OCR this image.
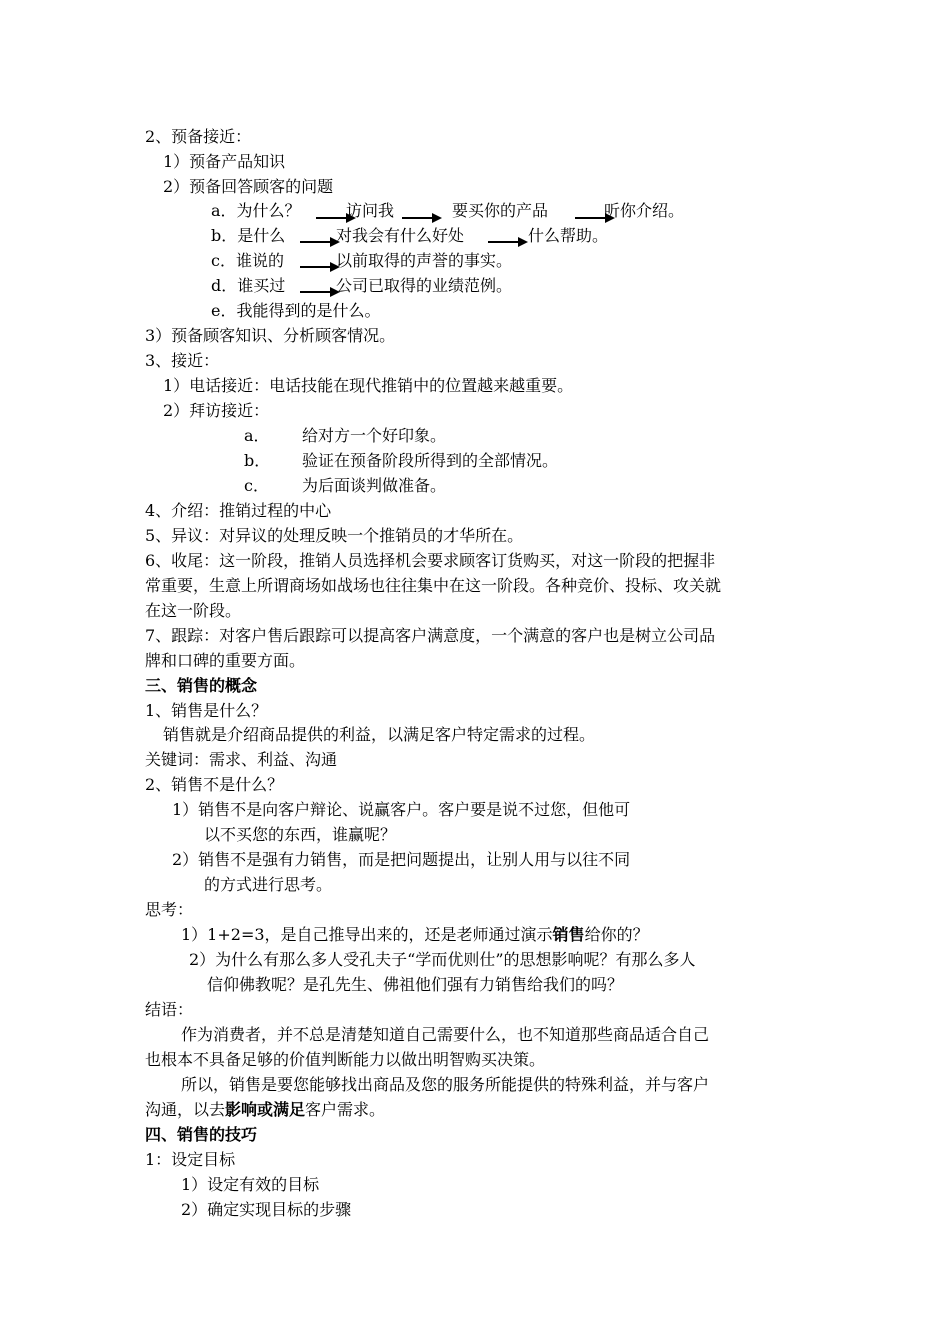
2、预备接近：
1）预备产品知识
2）预备回答顾客的问题
a．为什么？	访问我	要买你的产品	听你介绍。
b．是什么	对我会有什么好处	什么帮助。
c．谁说的	以前取得的声誉的事实。
d．谁买过	公司已取得的业绩范例。
e．我能得到的是什么。
3）预备顾客知识、分析顾客情况。
3、接近：
1）电话接近：电话技能在现代推销中的位置越来越重要。
2）拜访接近：
a． 给对方一个好印象。
b． 验证在预备阶段所得到的全部情况。
c． 为后面谈判做准备。
4、介绍：推销过程的中心
5、异议：对异议的处理反映一个推销员的才华所在。
6、收尾：这一阶段，推销人员选择机会要求顾客订货购买，对这一阶段的把握非
常重要，生意上所谓商场如战场也往往集中在这一阶段。各种竞价、投标、攻关就
在这一阶段。
7、跟踪：对客户售后跟踪可以提高客户满意度，一个满意的客户也是树立公司品
牌和口碑的重要方面。
三、销售的概念
1、销售是什么？
销售就是介绍商品提供的利益，以满足客户特定需求的过程。
关键词：需求、利益、沟通
2、销售不是什么？
1）销售不是向客户辩论、说赢客户。客户要是说不过您，但他可
以不买您的东西，谁赢呢？
2）销售不是强有力销售，而是把问题提出，让别人用与以往不同
的方式进行思考。
思考：
1）1+2=3，是自己推导出来的，还是老师通过演示销售给你的？
2）为什么有那么多人受孔夫子“学而优则仕”的思想影响呢？有那么多人
信仰佛教呢？是孔先生、佛祖他们强有力销售给我们的吗？
结语：
作为消费者，并不总是清楚知道自己需要什么，也不知道那些商品适合自己
也根本不具备足够的价值判断能力以做出明智购买决策。
所以，销售是要您能够找出商品及您的服务所能提供的特殊利益，并与客户
沟通，以去影响或满足客户需求。
四、销售的技巧
1：设定目标
1）设定有效的目标
2）确定实现目标的步骤
